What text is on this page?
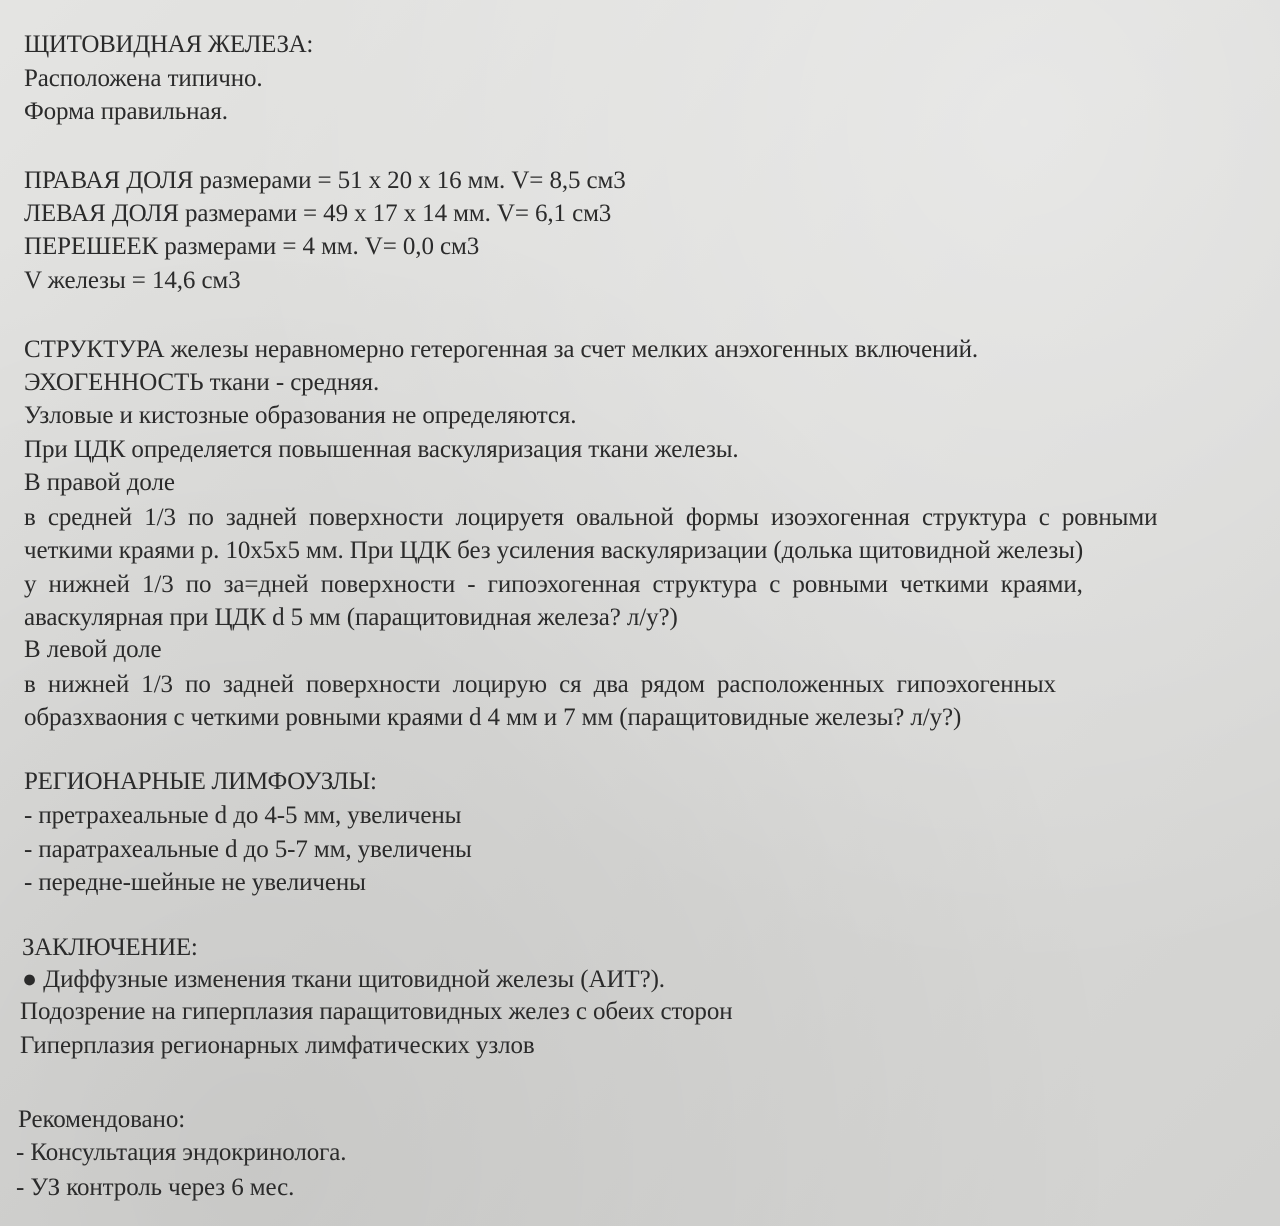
ЩИТОВИДНАЯ ЖЕЛЕЗА:
Расположена типично.
Форма правильная.
ПРАВАЯ ДОЛЯ размерами = 51 х 20 х 16 мм. V= 8,5 см3
ЛЕВАЯ ДОЛЯ размерами = 49 х 17 х 14 мм. V= 6,1 см3
ПЕРЕШЕЕК размерами = 4 мм. V= 0,0 см3
V железы = 14,6 см3
СТРУКТУРА железы неравномерно гетерогенная за счет мелких анэхогенных включений.
ЭХОГЕННОСТЬ ткани - средняя.
Узловые и кистозные образования не определяются.
При ЦДК определяется повышенная васкуляризация ткани железы.
В правой доле
в средней 1/3 по задней поверхности лоцируетя овальной формы изоэхогенная структура с ровными
четкими краями р. 10х5х5 мм. При ЦДК без усиления васкуляризации (долька щитовидной железы)
у нижней 1/3 по за=дней поверхности - гипоэхогенная структура с ровными четкими краями,
аваскулярная при ЦДК d 5 мм (паращитовидная железа? л/у?)
В левой доле
в нижней 1/3 по задней поверхности лоцирую ся два рядом расположенных гипоэхогенных
образхваония с четкими ровными краями d 4 мм и 7 мм (паращитовидные железы? л/у?)
РЕГИОНАРНЫЕ ЛИМФОУЗЛЫ:
- претрахеальные d до 4-5 мм, увеличены
- паратрахеальные d до 5-7 мм, увеличены
- передне-шейные не увеличены
ЗАКЛЮЧЕНИЕ:
● Диффузные изменения ткани щитовидной железы (АИТ?).
Подозрение на гиперплазия паращитовидных желез с обеих сторон
Гиперплазия регионарных лимфатических узлов
Рекомендовано:
- Консультация эндокринолога.
- УЗ контроль через 6 мес.
